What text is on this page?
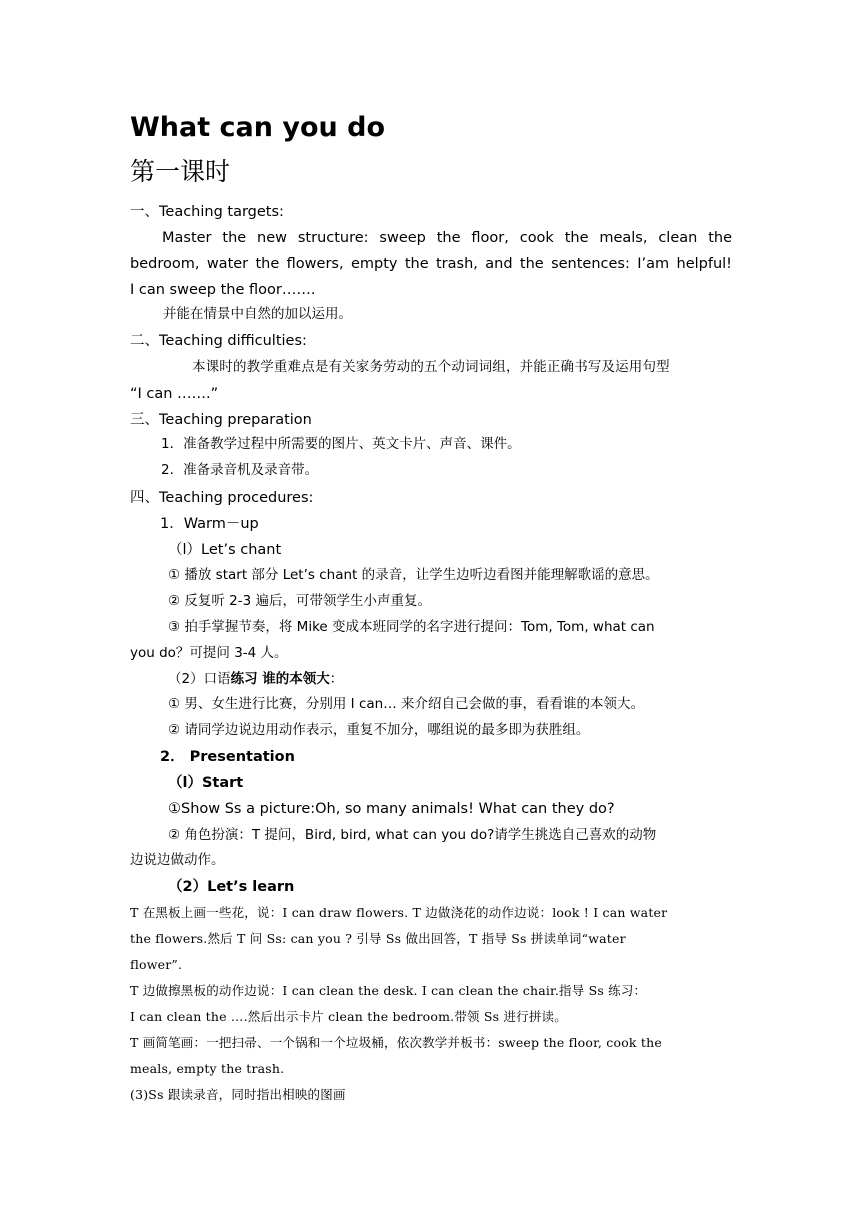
What can you do
第一课时
一、Teaching targets:
Master the new structure: sweep the floor, cook the meals, clean the
bedroom, water the flowers, empty the trash, and the sentences: I’am helpful!
I can sweep the floor…….
并能在情景中自然的加以运用。
二、Teaching difficulties:
本课时的教学重难点是有关家务劳动的五个动词词组，并能正确书写及运用句型
“I can …….”
三、Teaching preparation
1．准备教学过程中所需要的图片、英文卡片、声音、课件。
2．准备录音机及录音带。
四、Teaching procedures:
1．Warm－up
（l）Let’s chant
① 播放 start 部分 Let’s chant 的录音，让学生边听边看图并能理解歌谣的意思。
② 反复听 2-3 遍后，可带领学生小声重复。
③ 拍手掌握节奏，将 Mike 变成本班同学的名字进行提问：Tom, Tom, what can
you do？可提问 3-4 人。
（2）口语练习 谁的本领大：
① 男、女生进行比赛，分别用 I can… 来介绍自己会做的事，看看谁的本领大。
② 请同学边说边用动作表示，重复不加分，哪组说的最多即为获胜组。
2． Presentation
（l）Start
①Show Ss a picture:Oh, so many animals! What can they do?
② 角色扮演：T 提问，Bird, bird, what can you do?请学生挑选自己喜欢的动物
边说边做动作。
（2）Let’s learn
T 在黑板上画一些花，说：I can draw flowers. T 边做浇花的动作边说：look ! I can water
the flowers.然后 T 问 Ss: can you ? 引导 Ss 做出回答，T 指导 Ss 拼读单词“water
flower”.
T 边做擦黑板的动作边说：I can clean the desk. I can clean the chair.指导 Ss 练习：
I can clean the ….然后出示卡片 clean the bedroom.带领 Ss 进行拼读。
T 画简笔画：一把扫帚、一个锅和一个垃圾桶，依次教学并板书：sweep the floor, cook the
meals, empty the trash.
(3)Ss 跟读录音，同时指出相映的图画
